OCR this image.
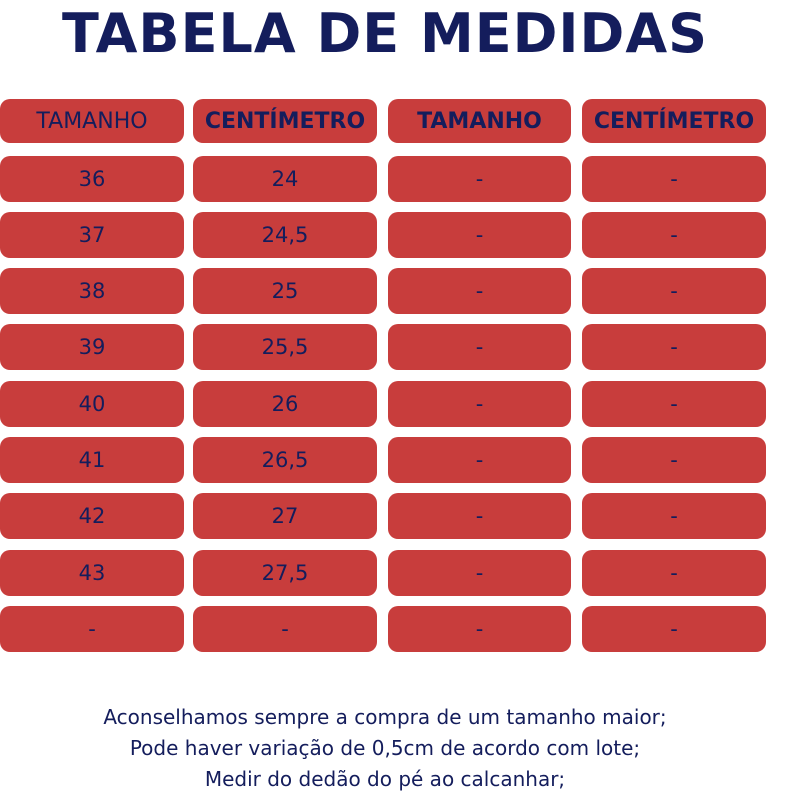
TABELA DE MEDIDAS
TAMANHO	CENTÍMETRO	TAMANHO	CENTÍMETRO
36	24	-	-
37	24,5	-	-
38	25	-	-
39	25,5	-	-
40	26	-	-
41	26,5	-	-
42	27	-	-
43	27,5	-	-
-	-	-	-
Aconselhamos sempre a compra de um tamanho maior;
Pode haver variação de 0,5cm de acordo com lote;
Medir do dedão do pé ao calcanhar;
